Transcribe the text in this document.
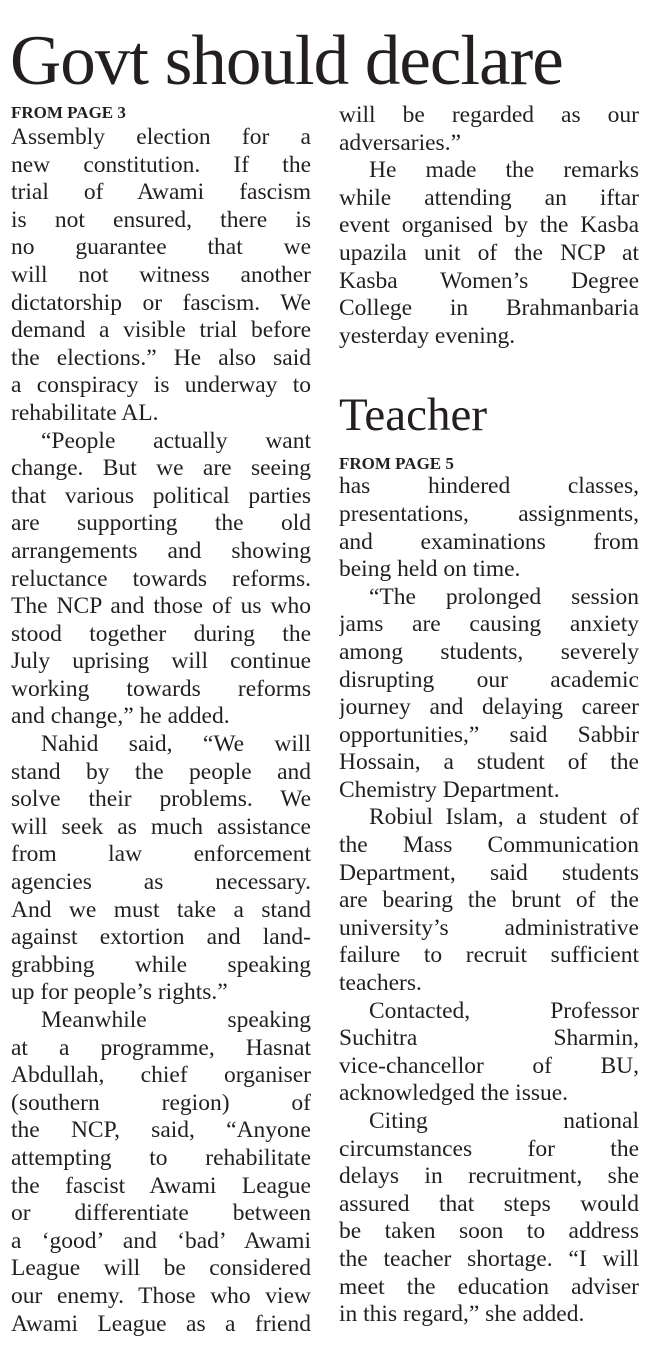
Govt should declare
FROM PAGE 3
Assembly election for a
new constitution. If the
trial of Awami fascism
is not ensured, there is
no guarantee that we
will not witness another
dictatorship or fascism. We
demand a visible trial before
the elections.” He also said
a conspiracy is underway to
rehabilitate AL.
“People actually want
change. But we are seeing
that various political parties
are supporting the old
arrangements and showing
reluctance towards reforms.
The NCP and those of us who
stood together during the
July uprising will continue
working towards reforms
and change,” he added.
Nahid said, “We will
stand by the people and
solve their problems. We
will seek as much assistance
from law enforcement
agencies as necessary.
And we must take a stand
against extortion and land-
grabbing while speaking
up for people’s rights.”
Meanwhile speaking
at a programme, Hasnat
Abdullah, chief organiser
(southern region) of
the NCP, said, “Anyone
attempting to rehabilitate
the fascist Awami League
or differentiate between
a ‘good’ and ‘bad’ Awami
League will be considered
our enemy. Those who view
Awami League as a friend
will be regarded as our
adversaries.”
He made the remarks
while attending an iftar
event organised by the Kasba
upazila unit of the NCP at
Kasba Women’s Degree
College in Brahmanbaria
yesterday evening.
Teacher
FROM PAGE 5
has hindered classes,
presentations, assignments,
and examinations from
being held on time.
“The prolonged session
jams are causing anxiety
among students, severely
disrupting our academic
journey and delaying career
opportunities,” said Sabbir
Hossain, a student of the
Chemistry Department.
Robiul Islam, a student of
the Mass Communication
Department, said students
are bearing the brunt of the
university’s administrative
failure to recruit sufficient
teachers.
Contacted, Professor
Suchitra Sharmin,
vice-chancellor of BU,
acknowledged the issue.
Citing national
circumstances for the
delays in recruitment, she
assured that steps would
be taken soon to address
the teacher shortage. “I will
meet the education adviser
in this regard,” she added.
